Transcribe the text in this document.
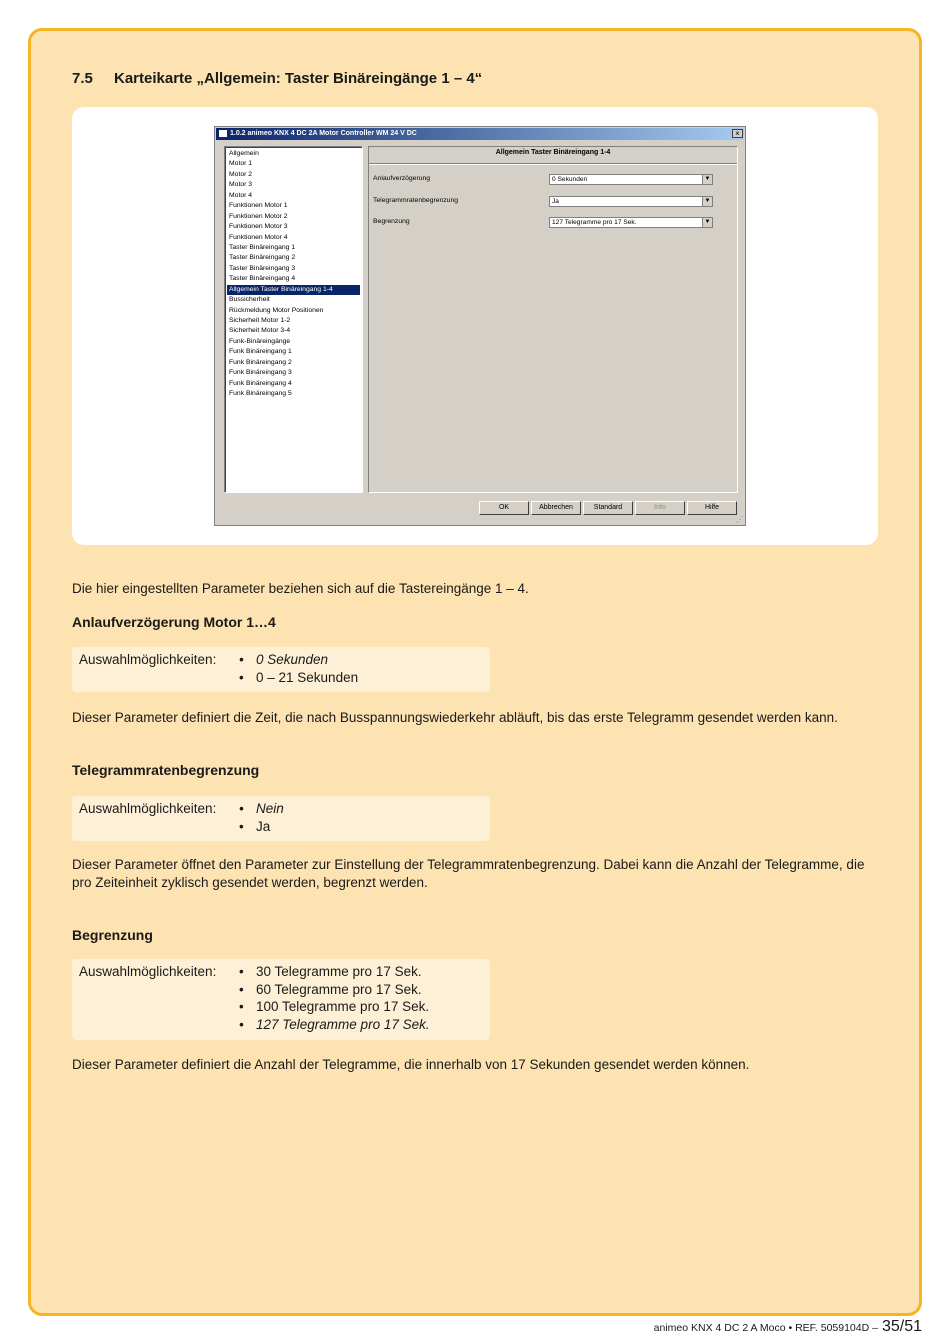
7.5 Karteikarte „Allgemein: Taster Binäreingänge 1 – 4“
1.0.2 animeo KNX 4 DC 2A Motor Controller WM 24 V DC	×
Allgemein
Motor 1
Motor 2
Motor 3
Motor 4
Funktionen Motor 1
Funktionen Motor 2
Funktionen Motor 3
Funktionen Motor 4
Taster Binäreingang 1
Taster Binäreingang 2
Taster Binäreingang 3
Taster Binäreingang 4
Allgemein Taster Binäreingang 1-4
Bussicherheit
Rückmeldung Motor Positionen
Sicherheit Motor 1-2
Sicherheit Motor 3-4
Funk-Binäreingänge
Funk Binäreingang 1
Funk Binäreingang 2
Funk Binäreingang 3
Funk Binäreingang 4
Funk Binäreingang 5
Allgemein Taster Binäreingang 1-4
Anlaufverzögerung	0 Sekunden	▼
Telegrammratenbegrenzung	Ja	▼
Begrenzung	127 Telegramme pro 17 Sek.	▼
OK	Abbrechen	Standard	Info	Hilfe
⋰
Die hier eingestellten Parameter beziehen sich auf die Tastereingänge 1 – 4.
Anlaufverzögerung Motor 1…4
Auswahlmöglichkeiten:	• 0 Sekunden
• 0 – 21 Sekunden
Dieser Parameter definiert die Zeit, die nach Busspannungswiederkehr abläuft, bis das erste Telegramm gesendet werden kann.
Telegrammratenbegrenzung
Auswahlmöglichkeiten:	• Nein
• Ja
Dieser Parameter öffnet den Parameter zur Einstellung der Telegrammratenbegrenzung. Dabei kann die Anzahl der Telegramme, die pro Zeiteinheit zyklisch gesendet werden, begrenzt werden.
Begrenzung
Auswahlmöglichkeiten:	• 30 Telegramme pro 17 Sek.
• 60 Telegramme pro 17 Sek.
• 100 Telegramme pro 17 Sek.
• 127 Telegramme pro 17 Sek.
Dieser Parameter definiert die Anzahl der Telegramme, die innerhalb von 17 Sekunden gesendet werden können.
animeo KNX 4 DC 2 A Moco • REF. 5059104D – 35/51
